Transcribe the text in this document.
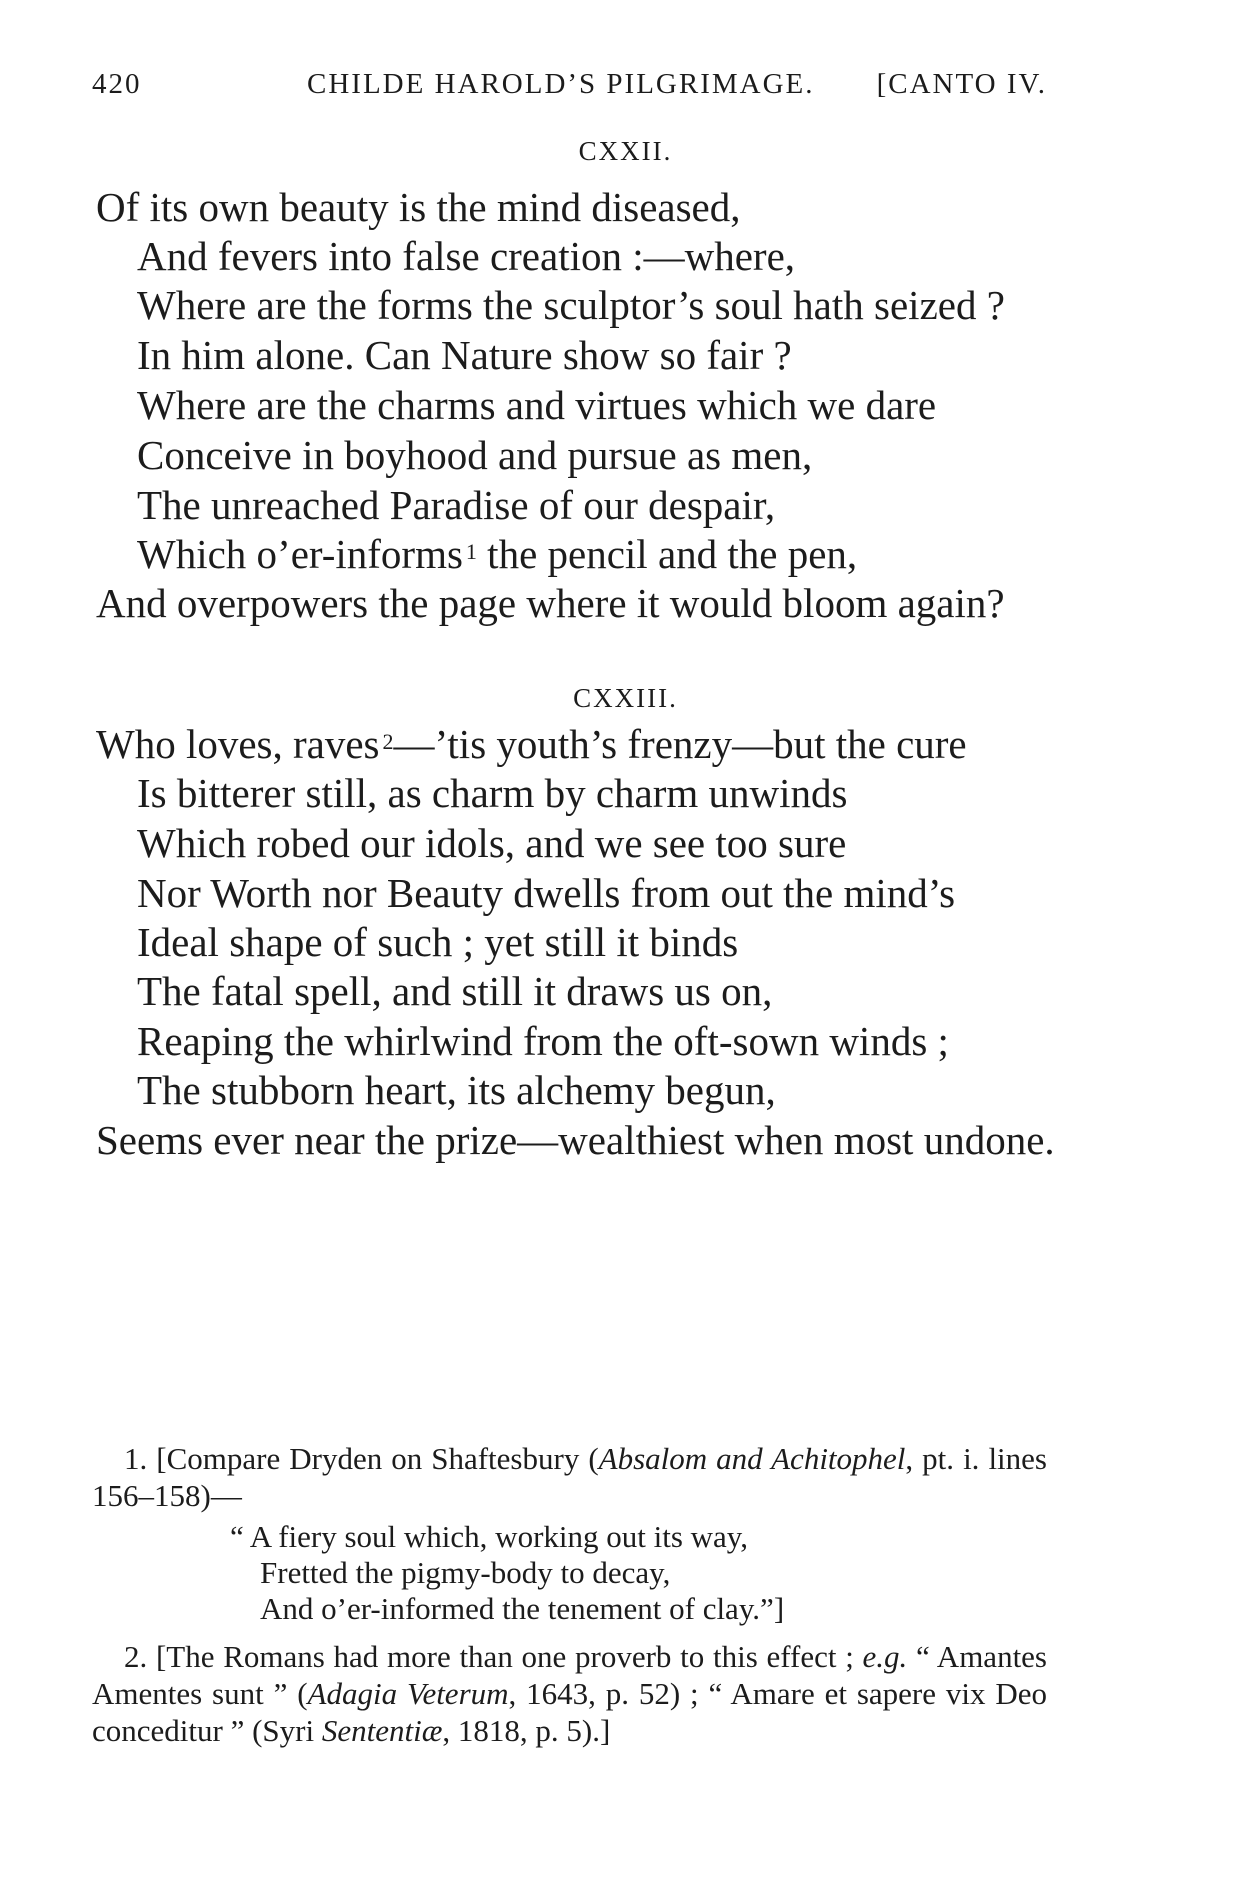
420	CHILDE HAROLD’S PILGRIMAGE. [CANTO IV.
CXXII.
Of its own beauty is the mind diseased,
And fevers into false creation :—where,
Where are the forms the sculptor’s soul hath seized ?
In him alone. Can Nature show so fair ?
Where are the charms and virtues which we dare
Conceive in boyhood and pursue as men,
The unreached Paradise of our despair,
Which o’er-informs $^1$ the pencil and the pen,
And overpowers the page where it would bloom again?
CXXIII.
Who loves, raves $^2$—’tis youth’s frenzy—but the cure
Is bitterer still, as charm by charm unwinds
Which robed our idols, and we see too sure
Nor Worth nor Beauty dwells from out the mind’s
Ideal shape of such ; yet still it binds
The fatal spell, and still it draws us on,
Reaping the whirlwind from the oft-sown winds ;
The stubborn heart, its alchemy begun,
Seems ever near the prize—wealthiest when most undone.

1. [Compare Dryden on Shaftesbury (Absalom and Achitophel, pt. i. lines 156–158)—

“ A fiery soul which, working out its way,
Fretted the pigmy-body to decay,
And o’er-informed the tenement of clay.”]

2. [The Romans had more than one proverb to this effect ; e.g. “ Amantes Amentes sunt ” (Adagia Veterum, 1643, p. 52) ; “ Amare et sapere vix Deo conceditur ” (Syri Sententiæ, 1818, p. 5).]
